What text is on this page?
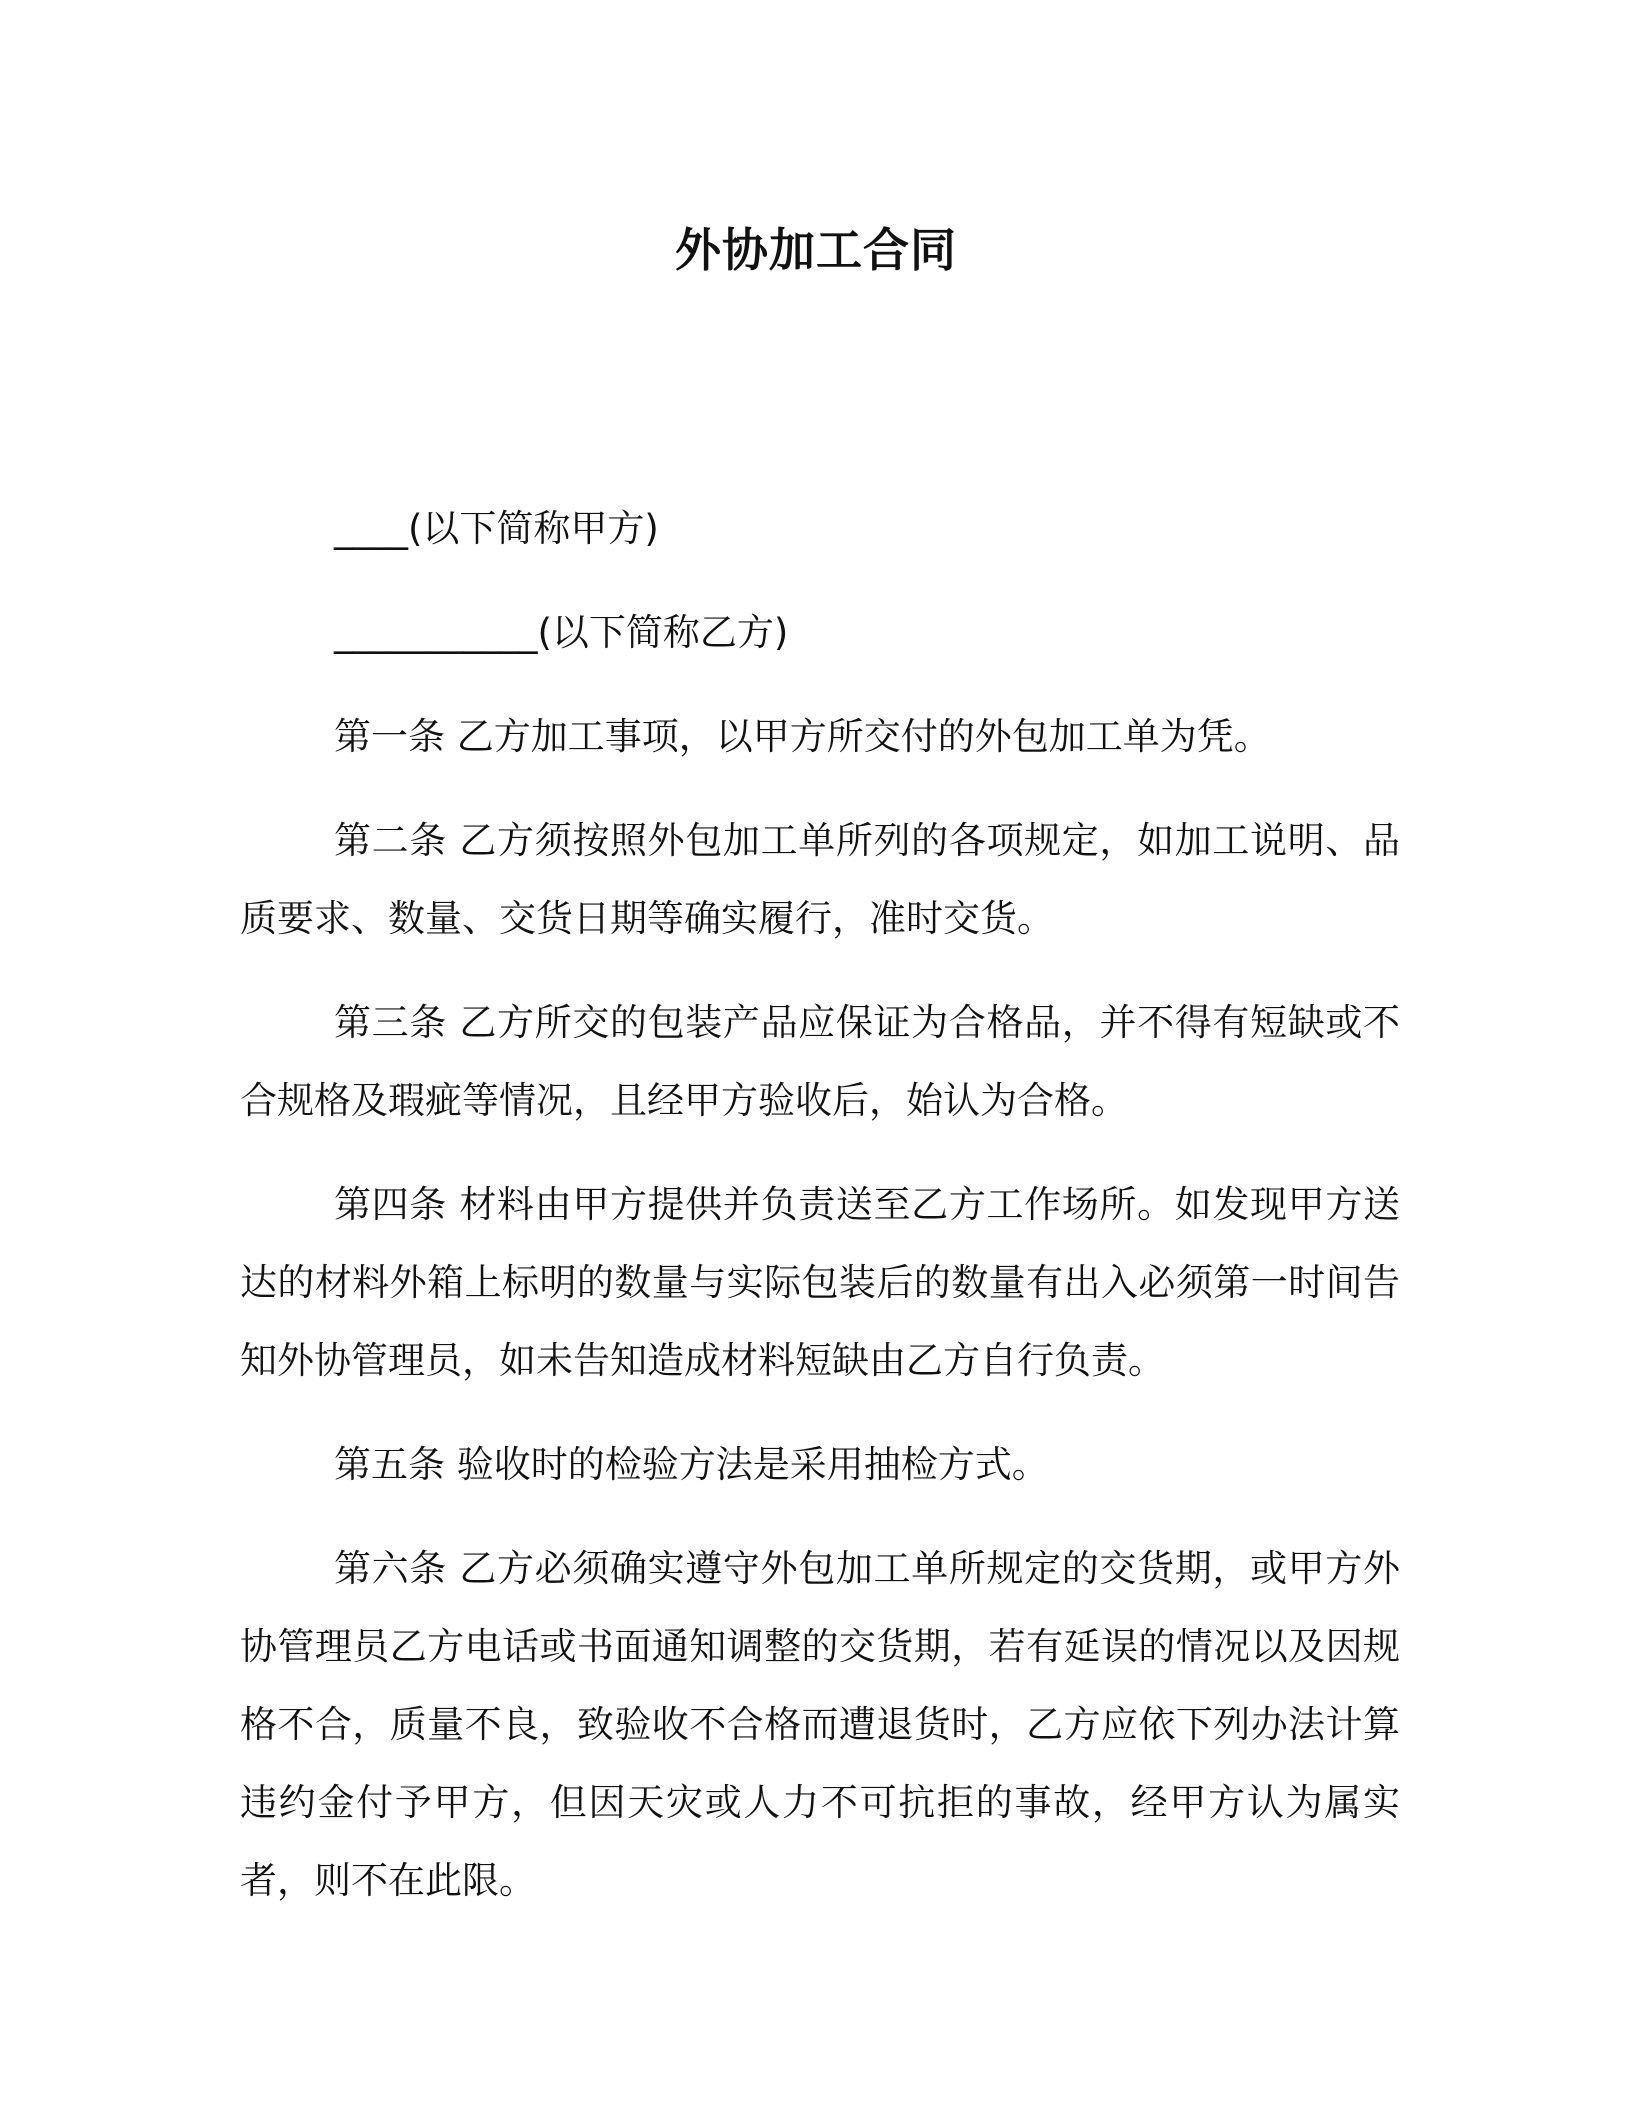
外协加工合同

____(以下简称甲方)

___________(以下简称乙方)

第一条 乙方加工事项，以甲方所交付的外包加工单为凭。

第二条 乙方须按照外包加工单所列的各项规定，如加工说明、品质要求、数量、交货日期等确实履行，准时交货。

第三条 乙方所交的包装产品应保证为合格品，并不得有短缺或不合规格及瑕疵等情况，且经甲方验收后，始认为合格。

第四条 材料由甲方提供并负责送至乙方工作场所。如发现甲方送达的材料外箱上标明的数量与实际包装后的数量有出入必须第一时间告知外协管理员，如未告知造成材料短缺由乙方自行负责。

第五条 验收时的检验方法是采用抽检方式。

第六条 乙方必须确实遵守外包加工单所规定的交货期，或甲方外协管理员乙方电话或书面通知调整的交货期，若有延误的情况以及因规格不合，质量不良，致验收不合格而遭退货时，乙方应依下列办法计算违约金付予甲方，但因天灾或人力不可抗拒的事故，经甲方认为属实者，则不在此限。
